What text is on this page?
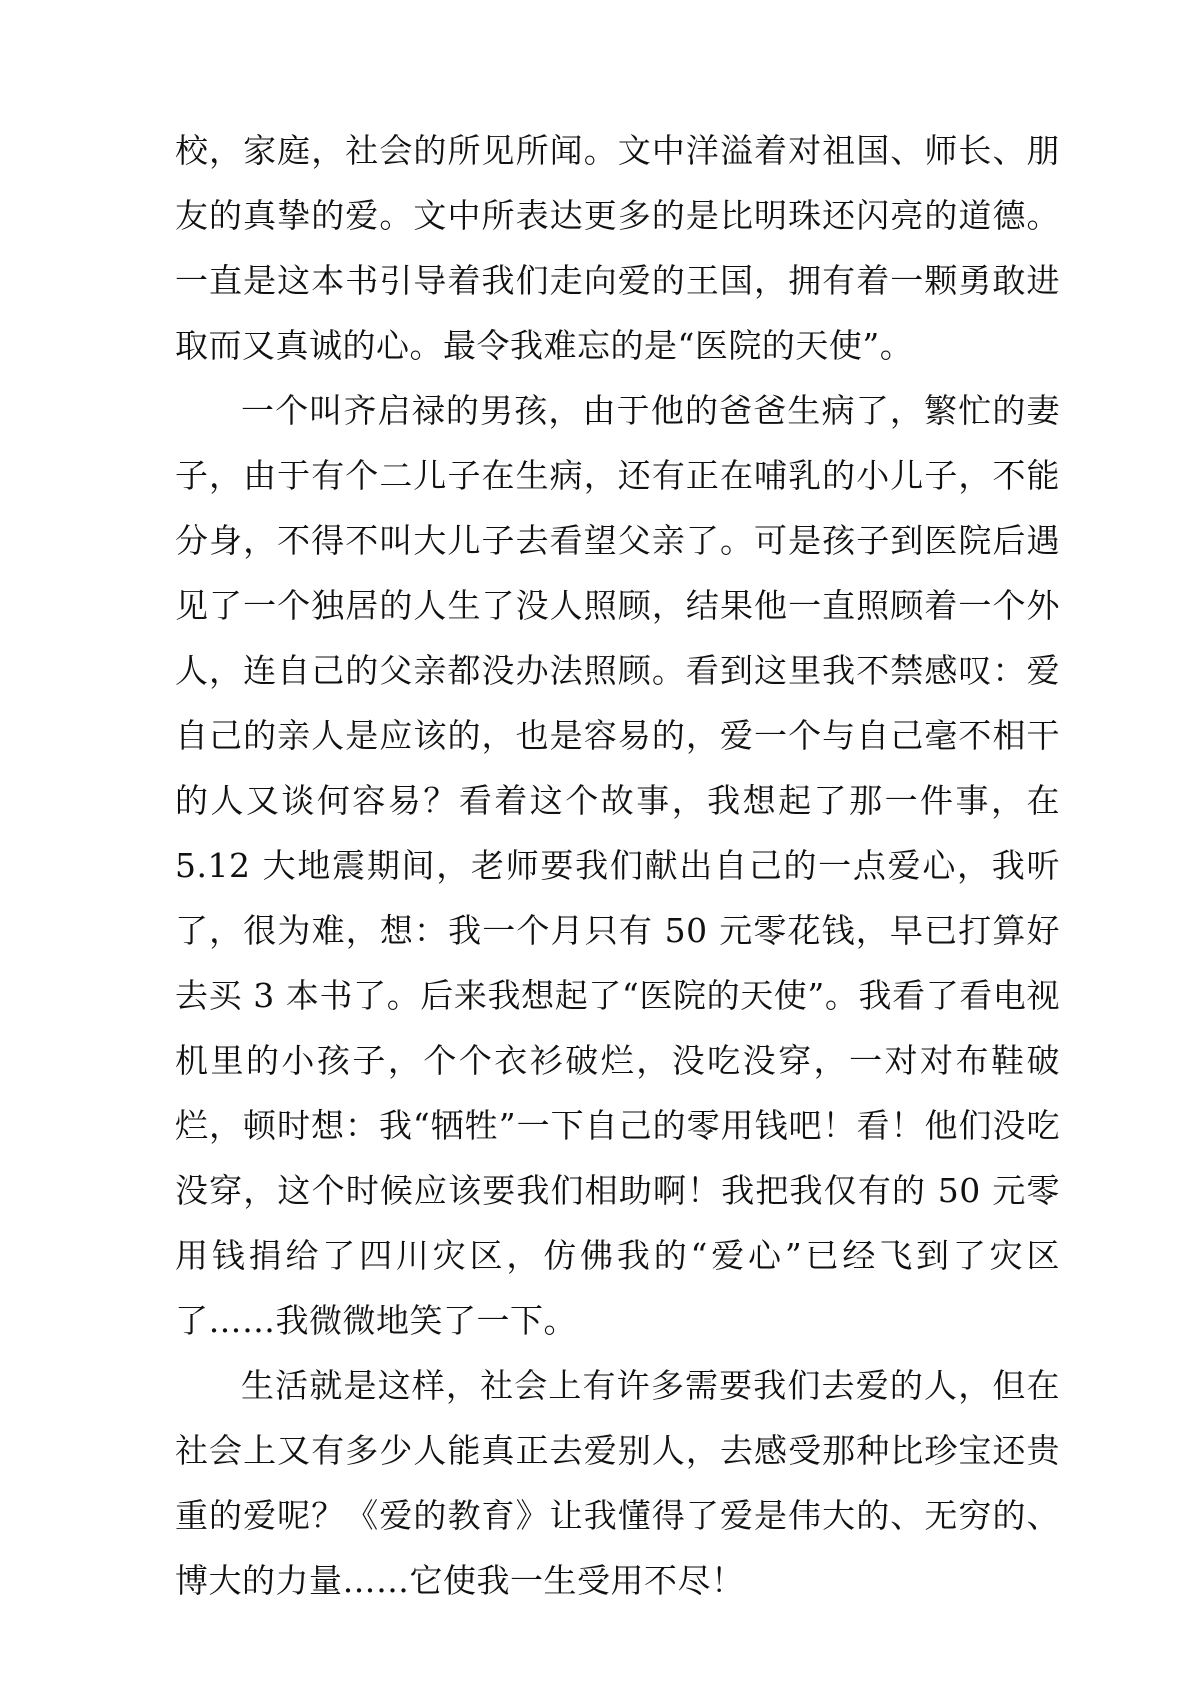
校，家庭，社会的所见所闻。文中洋溢着对祖国、师长、朋友的真挚的爱。文中所表达更多的是比明珠还闪亮的道德。一直是这本书引导着我们走向爱的王国，拥有着一颗勇敢进取而又真诚的心。最令我难忘的是“医院的天使”。

一个叫齐启禄的男孩，由于他的爸爸生病了，繁忙的妻子，由于有个二儿子在生病，还有正在哺乳的小儿子，不能分身，不得不叫大儿子去看望父亲了。可是孩子到医院后遇见了一个独居的人生了没人照顾，结果他一直照顾着一个外人，连自己的父亲都没办法照顾。看到这里我不禁感叹：爱自己的亲人是应该的，也是容易的，爱一个与自己毫不相干的人又谈何容易？看着这个故事，我想起了那一件事，在 5.12 大地震期间，老师要我们献出自己的一点爱心，我听了，很为难，想：我一个月只有 50 元零花钱，早已打算好去买 3 本书了。后来我想起了“医院的天使”。我看了看电视机里的小孩子，个个衣衫破烂，没吃没穿，一对对布鞋破烂，顿时想：我“牺牲”一下自己的零用钱吧！看！他们没吃没穿，这个时候应该要我们相助啊！我把我仅有的 50 元零用钱捐给了四川灾区，仿佛我的“爱心”已经飞到了灾区了……我微微地笑了一下。

生活就是这样，社会上有许多需要我们去爱的人，但在社会上又有多少人能真正去爱别人，去感受那种比珍宝还贵重的爱呢？《爱的教育》让我懂得了爱是伟大的、无穷的、博大的力量……它使我一生受用不尽！
